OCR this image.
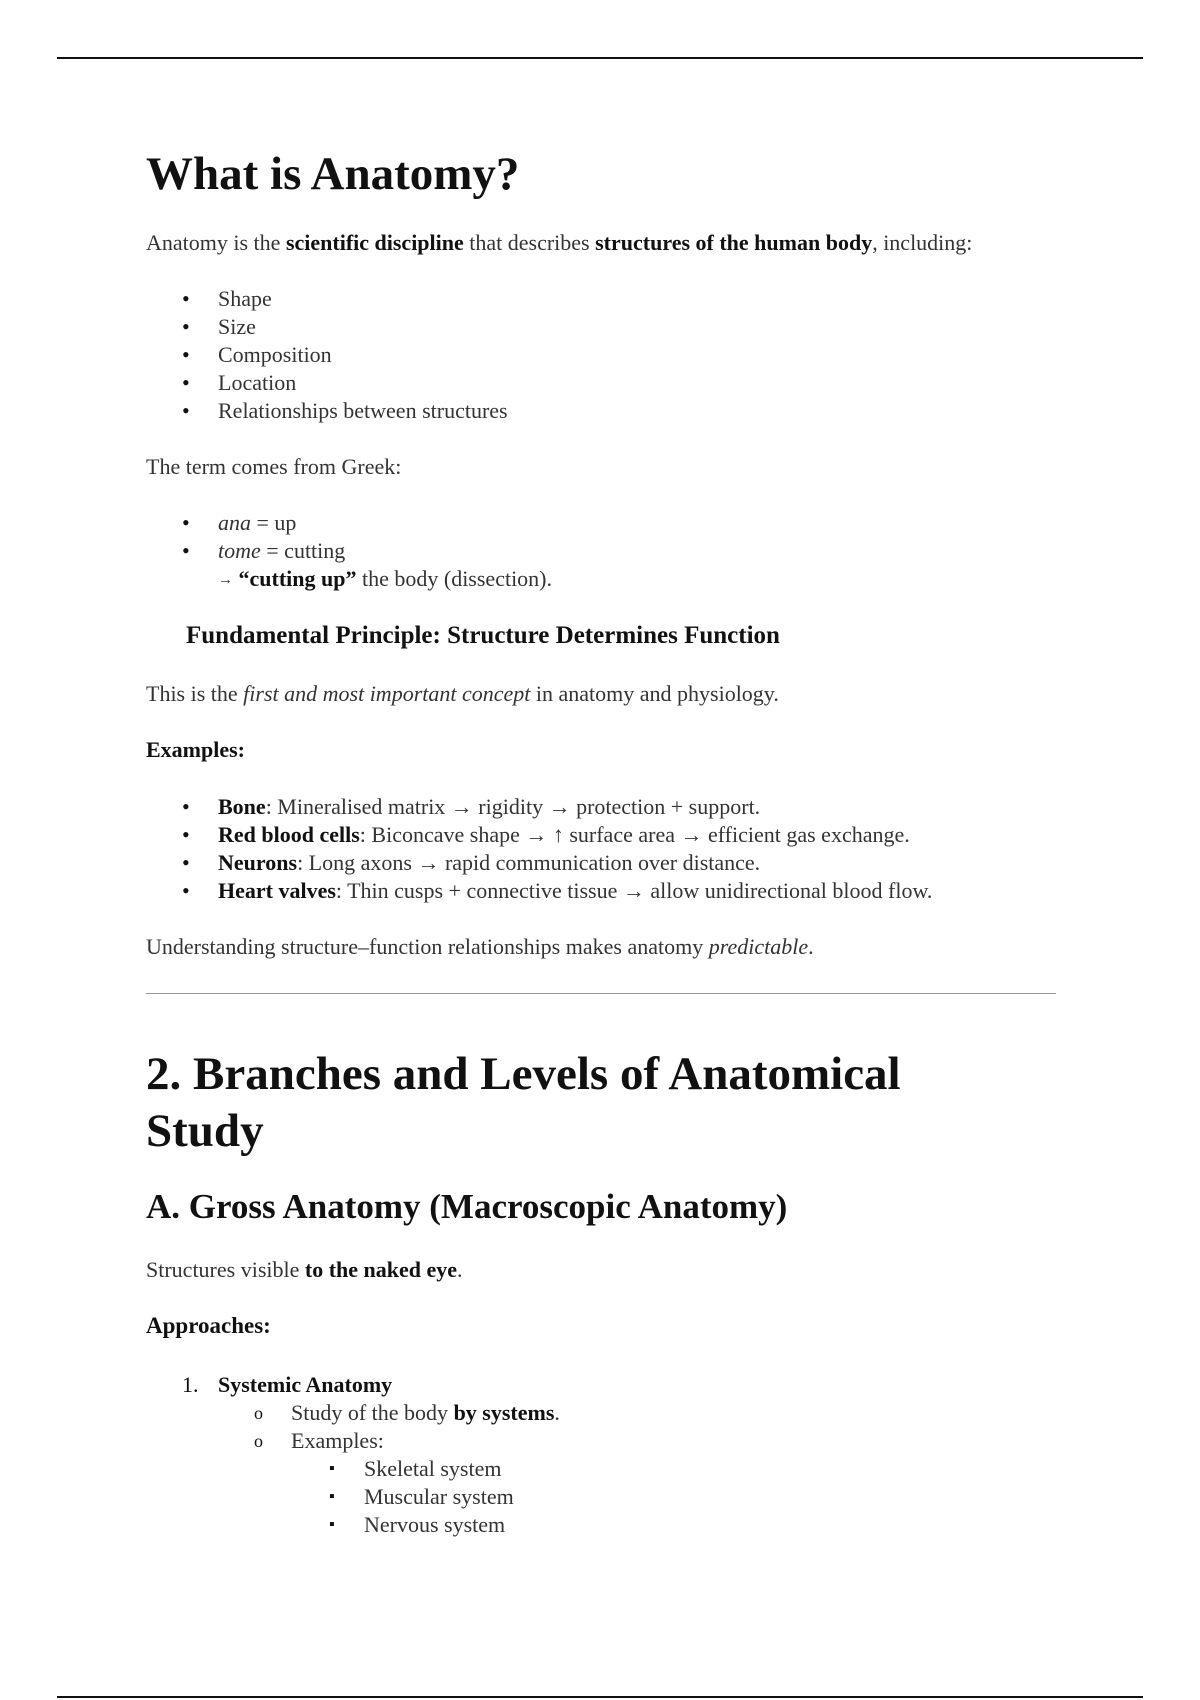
What is Anatomy?

Anatomy is the scientific discipline that describes structures of the human body, including:

• Shape
• Size
• Composition
• Location
• Relationships between structures

The term comes from Greek:

• ana = up
• tome = cutting
→ “cutting up” the body (dissection).
Fundamental Principle: Structure Determines Function

This is the first and most important concept in anatomy and physiology.

Examples:

• Bone: Mineralised matrix → rigidity → protection + support.
• Red blood cells: Biconcave shape → ↑ surface area → efficient gas exchange.
• Neurons: Long axons → rapid communication over distance.
• Heart valves: Thin cusps + connective tissue → allow unidirectional blood flow.

Understanding structure–function relationships makes anatomy predictable.

2. Branches and Levels of Anatomical
Study
A. Gross Anatomy (Macroscopic Anatomy)

Structures visible to the naked eye.

Approaches:

1. Systemic Anatomy
o Study of the body by systems.
o Examples:
▪ Skeletal system
▪ Muscular system
▪ Nervous system
